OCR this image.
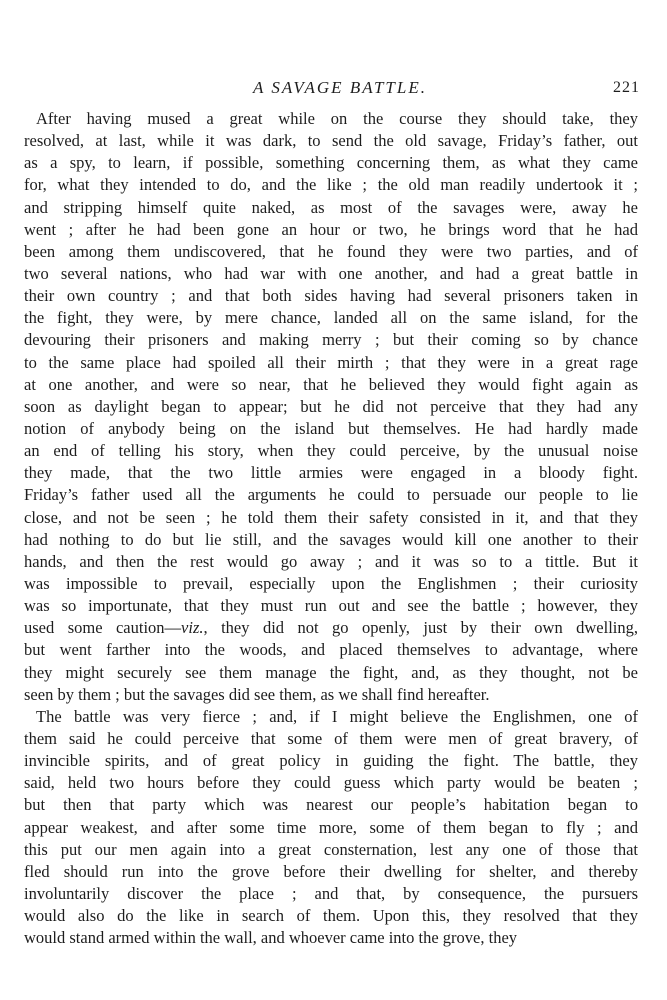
A SAVAGE BATTLE.	221
After having mused a great while on the course they should take, they
resolved, at last, while it was dark, to send the old savage, Friday’s father, out
as a spy, to learn, if possible, something concerning them, as what they came
for, what they intended to do, and the like ; the old man readily undertook it ;
and stripping himself quite naked, as most of the savages were, away he
went ; after he had been gone an hour or two, he brings word that he had
been among them undiscovered, that he found they were two parties, and of
two several nations, who had war with one another, and had a great battle in
their own country ; and that both sides having had several prisoners taken in
the fight, they were, by mere chance, landed all on the same island, for the
devouring their prisoners and making merry ; but their coming so by chance
to the same place had spoiled all their mirth ; that they were in a great rage
at one another, and were so near, that he believed they would fight again as
soon as daylight began to appear; but he did not perceive that they had any
notion of anybody being on the island but themselves. He had hardly made
an end of telling his story, when they could perceive, by the unusual noise
they made, that the two little armies were engaged in a bloody fight.
Friday’s father used all the arguments he could to persuade our people to lie
close, and not be seen ; he told them their safety consisted in it, and that they
had nothing to do but lie still, and the savages would kill one another to their
hands, and then the rest would go away ; and it was so to a tittle. But it
was impossible to prevail, especially upon the Englishmen ; their curiosity
was so importunate, that they must run out and see the battle ; however, they
used some caution—viz., they did not go openly, just by their own dwelling,
but went farther into the woods, and placed themselves to advantage, where
they might securely see them manage the fight, and, as they thought, not be
seen by them ; but the savages did see them, as we shall find hereafter.
The battle was very fierce ; and, if I might believe the Englishmen, one of
them said he could perceive that some of them were men of great bravery, of
invincible spirits, and of great policy in guiding the fight. The battle, they
said, held two hours before they could guess which party would be beaten ;
but then that party which was nearest our people’s habitation began to
appear weakest, and after some time more, some of them began to fly ; and
this put our men again into a great consternation, lest any one of those that
fled should run into the grove before their dwelling for shelter, and thereby
involuntarily discover the place ; and that, by consequence, the pursuers
would also do the like in search of them. Upon this, they resolved that they
would stand armed within the wall, and whoever came into the grove, they
